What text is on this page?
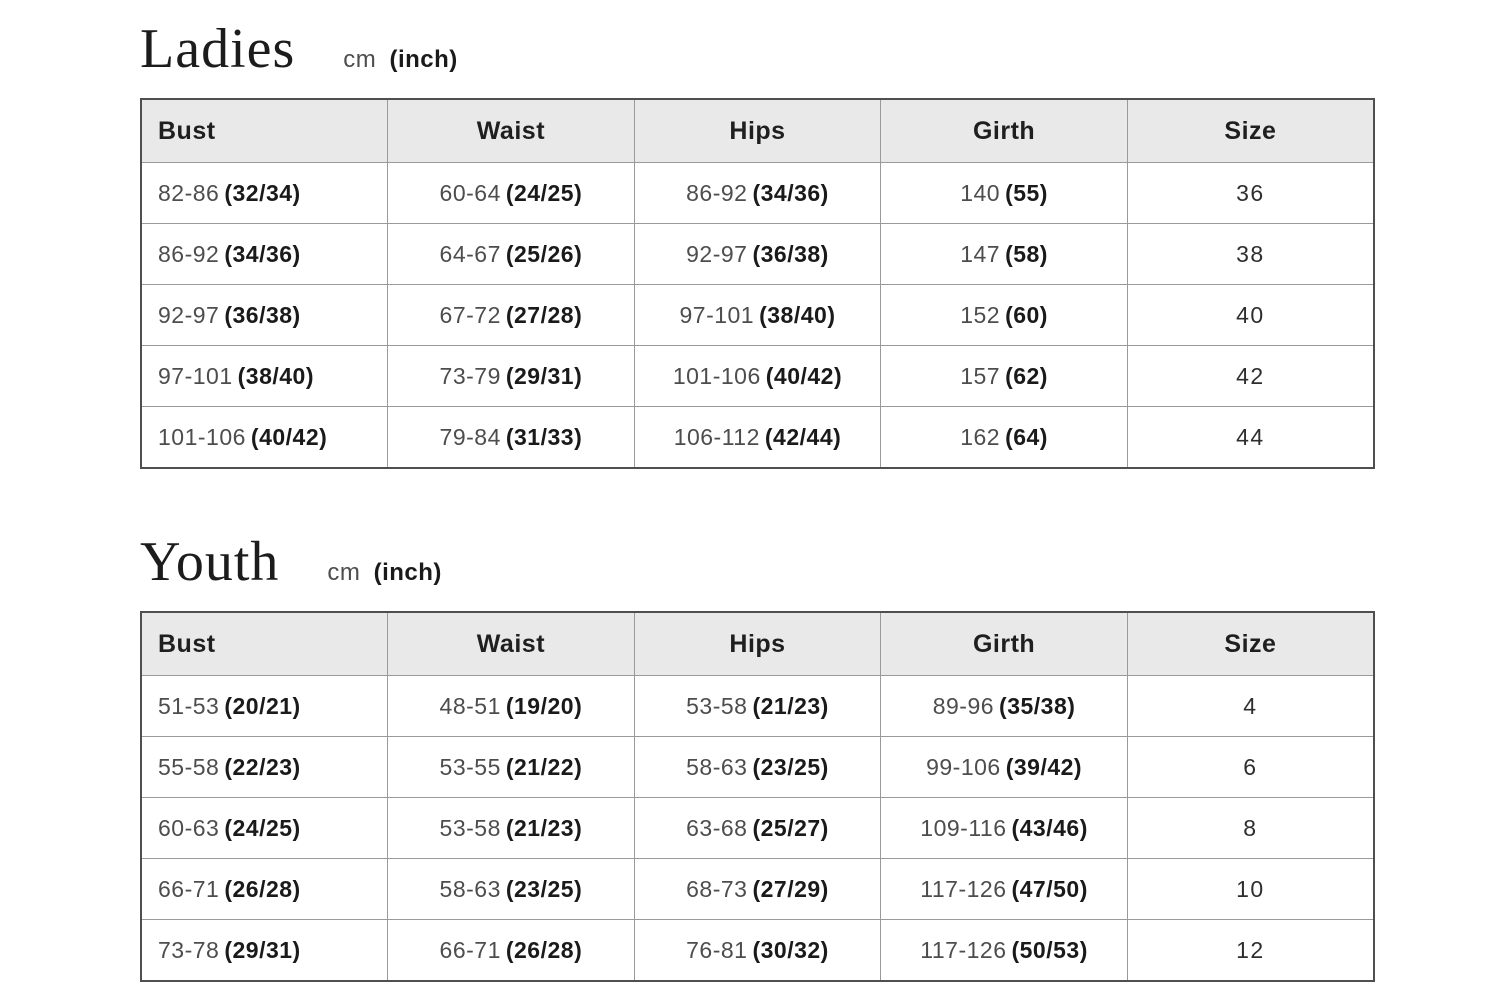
Ladies cm (inch)
Bust	Waist	Hips	Girth	Size
82-86 (32/34)	60-64 (24/25)	86-92 (34/36)	140 (55)	36
86-92 (34/36)	64-67 (25/26)	92-97 (36/38)	147 (58)	38
92-97 (36/38)	67-72 (27/28)	97-101 (38/40)	152 (60)	40
97-101 (38/40)	73-79 (29/31)	101-106 (40/42)	157 (62)	42
101-106 (40/42)	79-84 (31/33)	106-112 (42/44)	162 (64)	44
Youth cm (inch)
Bust	Waist	Hips	Girth	Size
51-53 (20/21)	48-51 (19/20)	53-58 (21/23)	89-96 (35/38)	4
55-58 (22/23)	53-55 (21/22)	58-63 (23/25)	99-106 (39/42)	6
60-63 (24/25)	53-58 (21/23)	63-68 (25/27)	109-116 (43/46)	8
66-71 (26/28)	58-63 (23/25)	68-73 (27/29)	117-126 (47/50)	10
73-78 (29/31)	66-71 (26/28)	76-81 (30/32)	117-126 (50/53)	12
